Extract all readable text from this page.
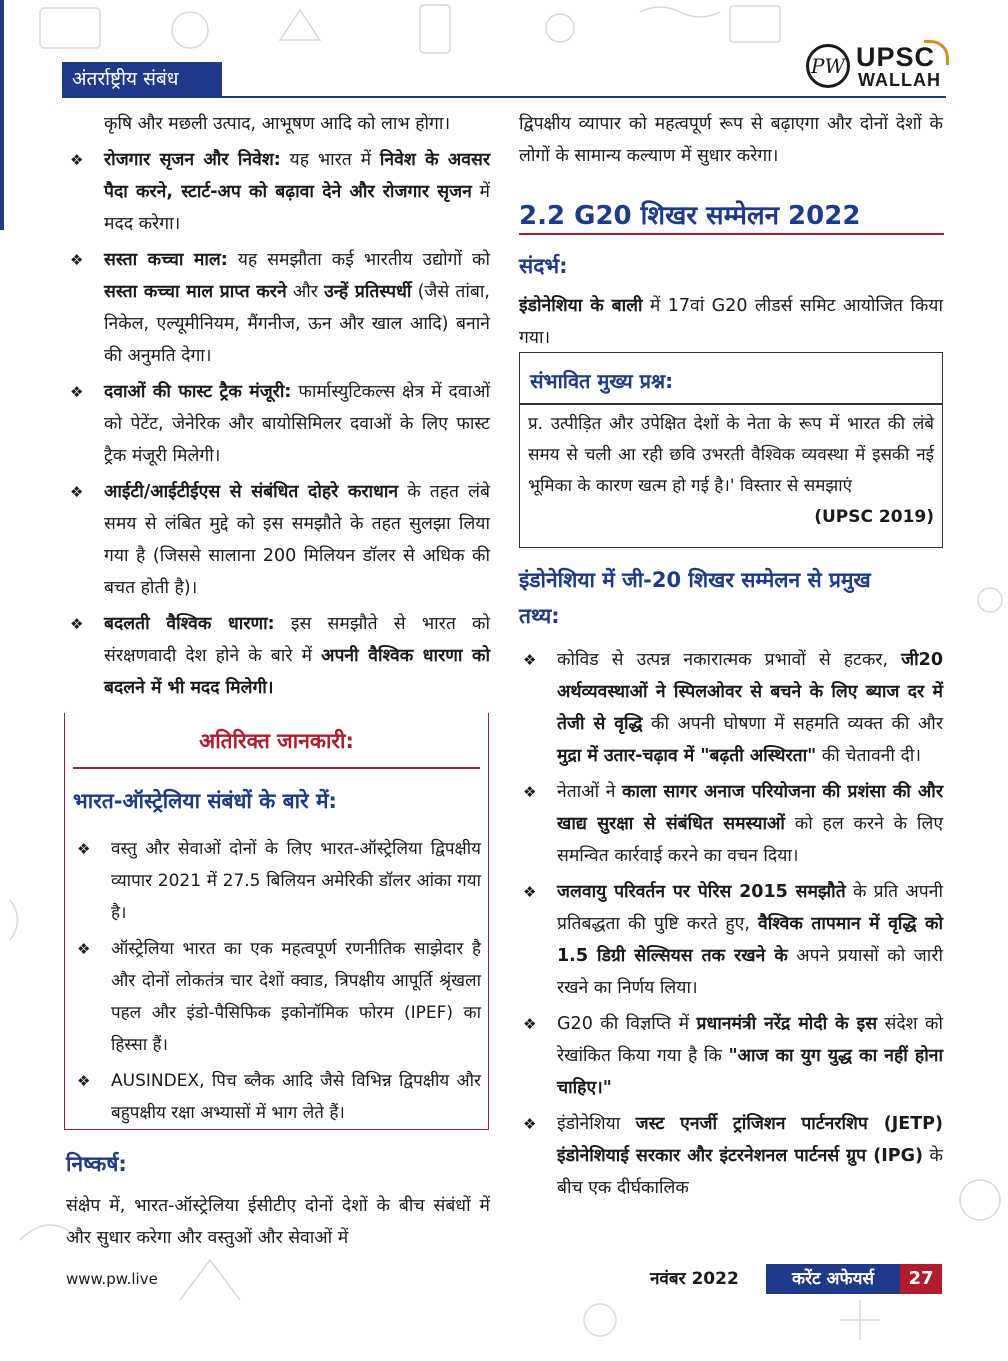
अंतर्राष्ट्रीय संबंध
PW UPSC
WALLAH

कृषि और मछली उत्पाद, आभूषण आदि को लाभ होगा।

❖ रोजगार सृजन और निवेश: यह भारत में निवेश के अवसर पैदा करने, स्टार्ट-अप को बढ़ावा देने और रोजगार सृजन में मदद करेगा।
❖ सस्ता कच्चा माल: यह समझौता कई भारतीय उद्योगों को सस्ता कच्चा माल प्राप्त करने और उन्हें प्रतिस्पर्धी (जैसे तांबा, निकेल, एल्यूमीनियम, मैंगनीज, ऊन और खाल आदि) बनाने की अनुमति देगा।
❖ दवाओं की फास्ट ट्रैक मंजूरी: फार्मास्युटिकल्स क्षेत्र में दवाओं को पेटेंट, जेनेरिक और बायोसिमिलर दवाओं के लिए फास्ट ट्रैक मंजूरी मिलेगी।
❖ आईटी/आईटीईएस से संबंधित दोहरे कराधान के तहत लंबे समय से लंबित मुद्दे को इस समझौते के तहत सुलझा लिया गया है (जिससे सालाना 200 मिलियन डॉलर से अधिक की बचत होती है)।
❖ बदलती वैश्विक धारणा: इस समझौते से भारत को संरक्षणवादी देश होने के बारे में अपनी वैश्विक धारणा को बदलने में भी मदद मिलेगी।
अतिरिक्त जानकारी:
भारत-ऑस्ट्रेलिया संबंधों के बारे में:
❖ वस्तु और सेवाओं दोनों के लिए भारत-ऑस्ट्रेलिया द्विपक्षीय व्यापार 2021 में 27.5 बिलियन अमेरिकी डॉलर आंका गया है।
❖ ऑस्ट्रेलिया भारत का एक महत्वपूर्ण रणनीतिक साझेदार है और दोनों लोकतंत्र चार देशों क्वाड, त्रिपक्षीय आपूर्ति श्रृंखला पहल और इंडो-पैसिफिक इकोनॉमिक फोरम (IPEF) का हिस्सा हैं।
❖ AUSINDEX, पिच ब्लैक आदि जैसे विभिन्न द्विपक्षीय और बहुपक्षीय रक्षा अभ्यासों में भाग लेते हैं।
निष्कर्ष:

संक्षेप में, भारत-ऑस्ट्रेलिया ईसीटीए दोनों देशों के बीच संबंधों में और सुधार करेगा और वस्तुओं और सेवाओं में

द्विपक्षीय व्यापार को महत्वपूर्ण रूप से बढ़ाएगा और दोनों देशों के लोगों के सामान्य कल्याण में सुधार करेगा।

2.2 G20 शिखर सम्मेलन 2022
संदर्भ:

इंडोनेशिया के बाली में 17वां G20 लीडर्स समिट आयोजित किया गया।

संभावित मुख्य प्रश्न:
प्र. उत्पीड़ित और उपेक्षित देशों के नेता के रूप में भारत की लंबे समय से चली आ रही छवि उभरती वैश्विक व्यवस्था में इसकी नई भूमिका के कारण खत्म हो गई है।' विस्तार से समझाएं
(UPSC 2019)
इंडोनेशिया में जी-20 शिखर सम्मेलन से प्रमुख तथ्य:
❖ कोविड से उत्पन्न नकारात्मक प्रभावों से हटकर, जी20 अर्थव्यवस्थाओं ने स्पिलओवर से बचने के लिए ब्याज दर में तेजी से वृद्धि की अपनी घोषणा में सहमति व्यक्त की और मुद्रा में उतार-चढ़ाव में "बढ़ती अस्थिरता" की चेतावनी दी।
❖ नेताओं ने काला सागर अनाज परियोजना की प्रशंसा की और खाद्य सुरक्षा से संबंधित समस्याओं को हल करने के लिए समन्वित कार्रवाई करने का वचन दिया।
❖ जलवायु परिवर्तन पर पेरिस 2015 समझौते के प्रति अपनी प्रतिबद्धता की पुष्टि करते हुए, वैश्विक तापमान में वृद्धि को 1.5 डिग्री सेल्सियस तक रखने के अपने प्रयासों को जारी रखने का निर्णय लिया।
❖ G20 की विज्ञप्ति में प्रधानमंत्री नरेंद्र मोदी के इस संदेश को रेखांकित किया गया है कि "आज का युग युद्ध का नहीं होना चाहिए।"
❖ इंडोनेशिया जस्ट एनर्जी ट्रांजिशन पार्टनरशिप (JETP) इंडोनेशियाई सरकार और इंटरनेशनल पार्टनर्स ग्रुप (IPG) के बीच एक दीर्घकालिक
www.pw.live	नवंबर 2022	करेंट अफेयर्स	27
